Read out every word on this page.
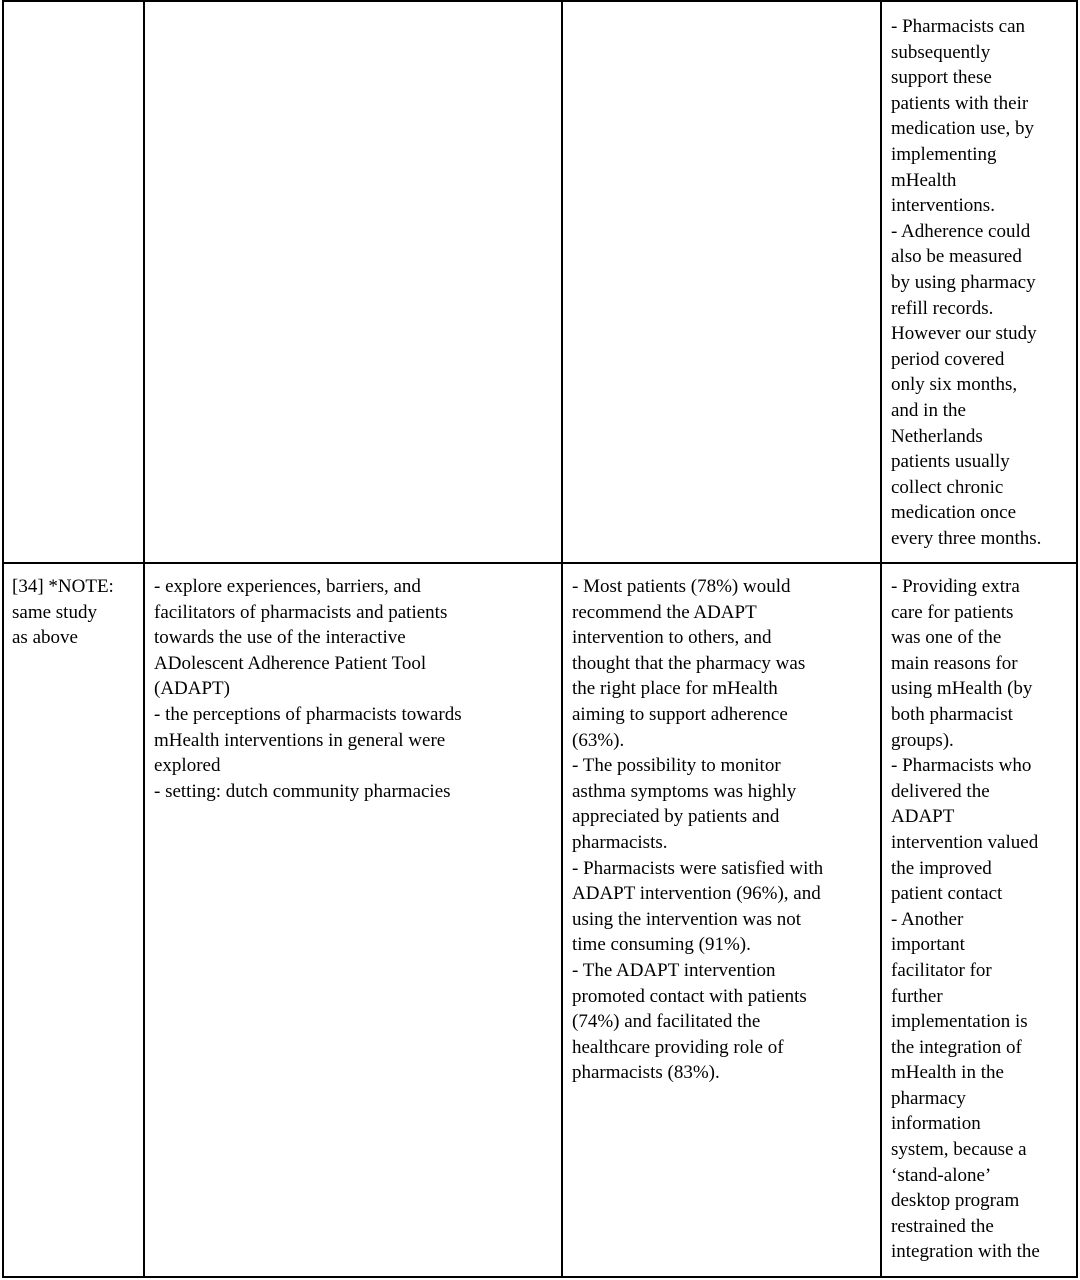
- Pharmacists can
subsequently
support these
patients with their
medication use, by
implementing
mHealth
interventions.
- Adherence could
also be measured
by using pharmacy
refill records.
However our study
period covered
only six months,
and in the
Netherlands
patients usually
collect chronic
medication once
every three months.
[34] *NOTE:
same study
as above
- explore experiences, barriers, and
facilitators of pharmacists and patients
towards the use of the interactive
ADolescent Adherence Patient Tool
(ADAPT)
- the perceptions of pharmacists towards
mHealth interventions in general were
explored
- setting: dutch community pharmacies
- Most patients (78%) would
recommend the ADAPT
intervention to others, and
thought that the pharmacy was
the right place for mHealth
aiming to support adherence
(63%).
- The possibility to monitor
asthma symptoms was highly
appreciated by patients and
pharmacists.
- Pharmacists were satisfied with
ADAPT intervention (96%), and
using the intervention was not
time consuming (91%).
- The ADAPT intervention
promoted contact with patients
(74%) and facilitated the
healthcare providing role of
pharmacists (83%).
- Providing extra
care for patients
was one of the
main reasons for
using mHealth (by
both pharmacist
groups).
- Pharmacists who
delivered the
ADAPT
intervention valued
the improved
patient contact
- Another
important
facilitator for
further
implementation is
the integration of
mHealth in the
pharmacy
information
system, because a
‘stand-alone’
desktop program
restrained the
integration with the
